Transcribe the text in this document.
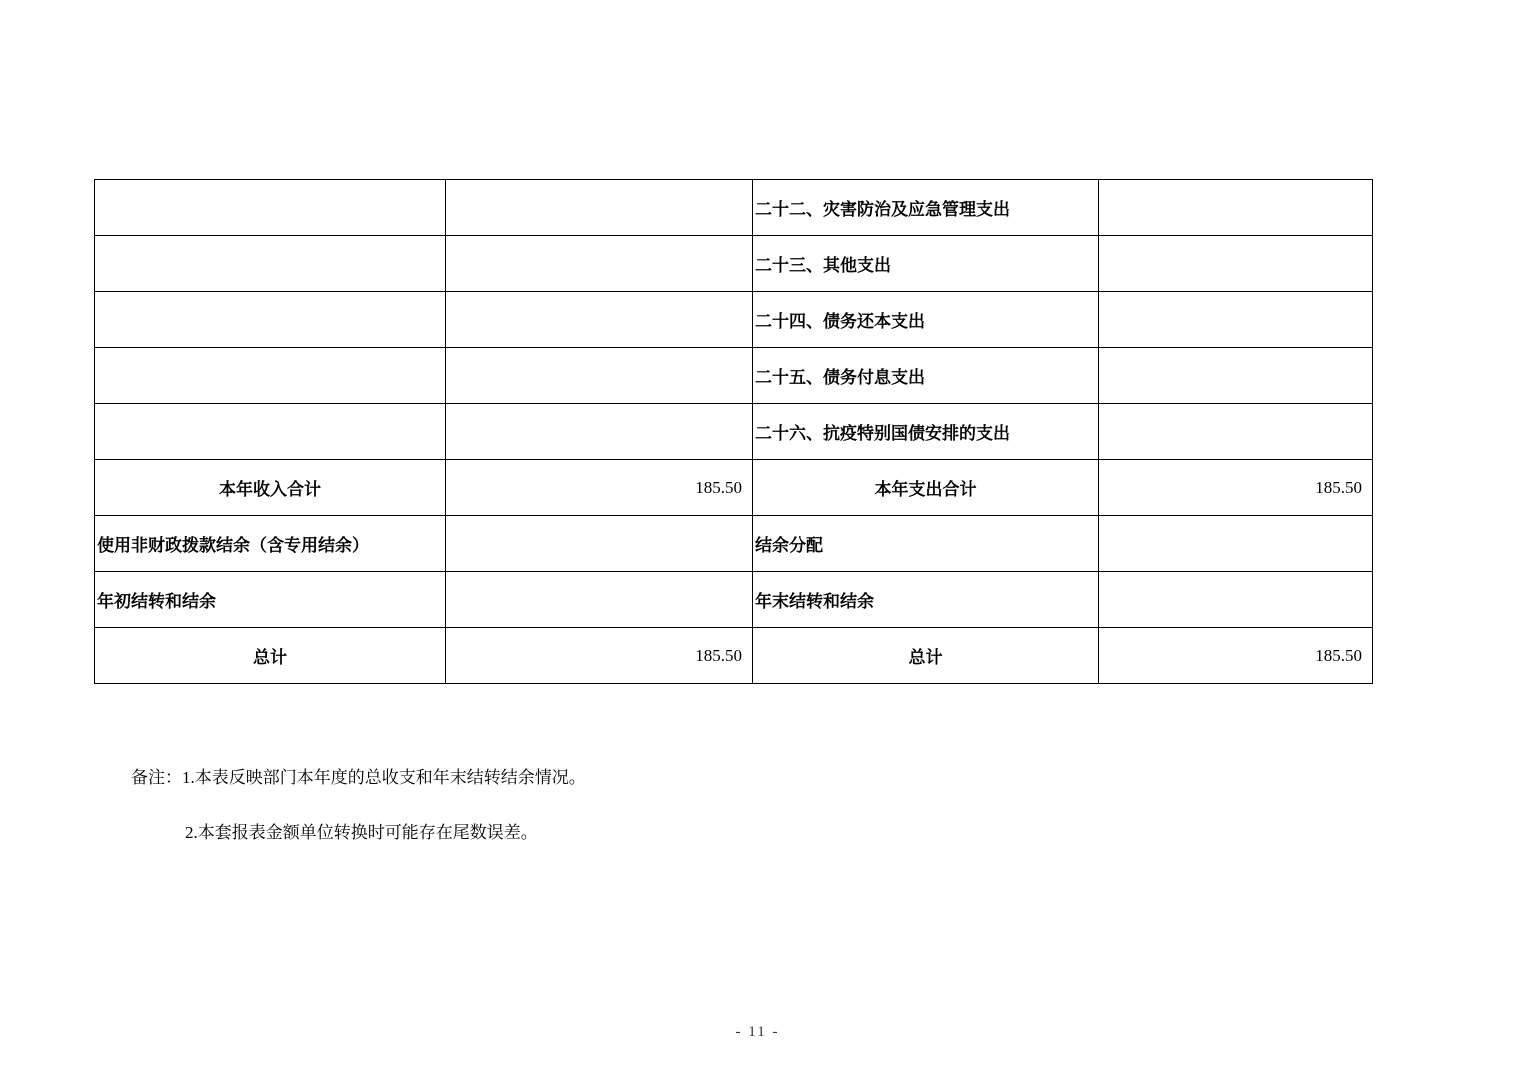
		二十二、灾害防治及应急管理支出	
		二十三、其他支出	
		二十四、债务还本支出	
		二十五、债务付息支出	
		二十六、抗疫特别国债安排的支出	
本年收入合计	185.50	本年支出合计	185.50
使用非财政拨款结余（含专用结余）		结余分配	
年初结转和结余		年末结转和结余	
总计	185.50	总计	185.50
备注：1.本表反映部门本年度的总收支和年末结转结余情况。
2.本套报表金额单位转换时可能存在尾数误差。
- 11 -
